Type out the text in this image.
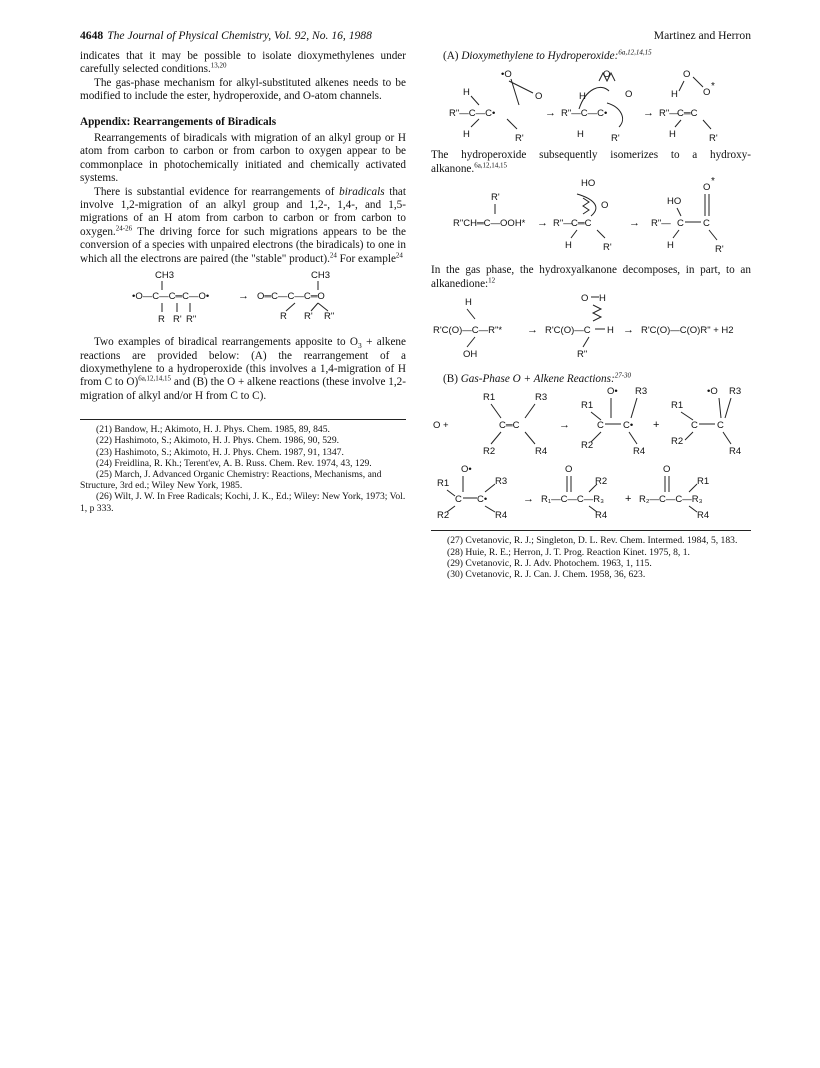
4648 The Journal of Physical Chemistry, Vol. 92, No. 16, 1988	Martinez and Herron

indicates that it may be possible to isolate dioxymethylenes under carefully selected conditions.$^{13,20}$

The gas-phase mechanism for alkyl-substituted alkenes needs to be modified to include the ester, hydroperoxide, and O-atom channels.

Appendix: Rearrangements of Biradicals

Rearrangements of biradicals with migration of an alkyl group or H atom from carbon to carbon or from carbon to oxygen appear to be commonplace in photochemically initiated and chemically activated systems.

There is substantial evidence for rearrangements of biradicals that involve 1,2-migration of an alkyl group and 1,2-, 1,4-, and 1,5-migrations of an H atom from carbon to carbon or from carbon to oxygen.$^{24-26}$ The driving force for such migrations appears to be the conversion of a species with unpaired electrons (the biradicals) to one in which all the electrons are paired (the "stable" product).$^{24}$ For example$^{24}$

CH3
•O—C—C═C—O•
R R' R"
→
CH3
O═C—C—C═O
R R' R"

Two examples of biradical rearrangements apposite to $O_3$ + alkene reactions are provided below: (A) the rearrangement of a dioxymethylene to a hydroperoxide (this involves a 1,4-migration of H from C to O)$^{6a,12,14,15}$ and (B) the O + alkene reactions (these involve 1,2-migration of alkyl and/or H from C to C).

(21) Bandow, H.; Akimoto, H. J. Phys. Chem. 1985, 89, 845.
(22) Hashimoto, S.; Akimoto, H. J. Phys. Chem. 1986, 90, 529.
(23) Hashimoto, S.; Akimoto, H. J. Phys. Chem. 1987, 91, 1347.
(24) Freidlina, R. Kh.; Terent'ev, A. B. Russ. Chem. Rev. 1974, 43, 129.
(25) March, J. Advanced Organic Chemistry: Reactions, Mechanisms, and Structure, 3rd ed.; Wiley New York, 1985.
(26) Wilt, J. W. In Free Radicals; Kochi, J. K., Ed.; Wiley: New York, 1973; Vol. 1, p 333.
(A) Dioxymethylene to Hydroperoxide:$^{6a,12,14,15}$
•O
O
H
R"—C—C•
H	R'
→
O
O
H
R"—C—C•
H	R'
→
O
H	O
*
R"—
C═C
H	R'

The hydroperoxide subsequently isomerizes to a hydroxy-alkanone.$^{6a,12,14,15}$

R'
R"CH═C—OOH* →
HO
O
R"—
C═C
H	R'
→
HO
O
*
R"— C C
H	R'

In the gas phase, the hydroxyalkanone decomposes, in part, to an alkanedione:$^{12}$

H
R'C(O)—C—R"*
OH
→
O H
R'C(O)—C H
R"
→ R'C(O)—C(O)R" + H2
(B) Gas-Phase O + Alkene Reactions:$^{27-30}$
O +
R1	R3
C═C
R2	R4
→
R1
O• R3
C C•
R2
R4
+
R1
•O R3
C C
R2
R4
O•
R1
C C•
R3
R2	R4
→
O
R₁—C—C—R₃
R2
R4
+
O
R₂—C—C—R₃
R1
R4
(27) Cvetanovic, R. J.; Singleton, D. L. Rev. Chem. Intermed. 1984, 5, 183.
(28) Huie, R. E.; Herron, J. T. Prog. Reaction Kinet. 1975, 8, 1.
(29) Cvetanovic, R. J. Adv. Photochem. 1963, 1, 115.
(30) Cvetanovic, R. J. Can. J. Chem. 1958, 36, 623.
